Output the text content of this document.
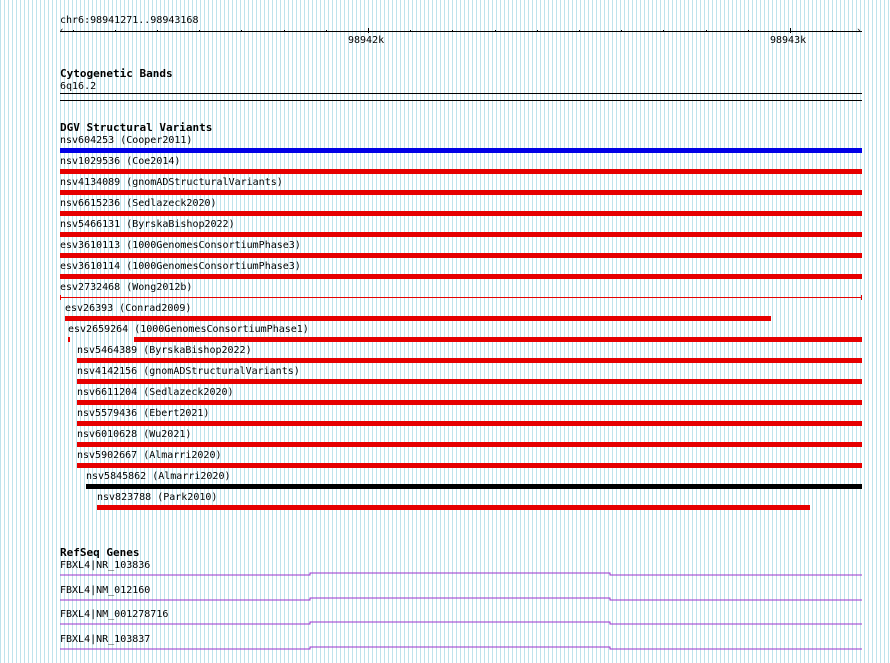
chr6:98941271..98943168
‹	›
98942k	98943k
Cytogenetic Bands
6q16.2
DGV Structural Variants
nsv604253 (Cooper2011)
nsv1029536 (Coe2014)
nsv4134089 (gnomADStructuralVariants)
nsv6615236 (Sedlazeck2020)
nsv5466131 (ByrskaBishop2022)
esv3610113 (1000GenomesConsortiumPhase3)
esv3610114 (1000GenomesConsortiumPhase3)
esv2732468 (Wong2012b)
esv26393 (Conrad2009)
esv2659264 (1000GenomesConsortiumPhase1)
nsv5464389 (ByrskaBishop2022)
nsv4142156 (gnomADStructuralVariants)
nsv6611204 (Sedlazeck2020)
nsv5579436 (Ebert2021)
nsv6010628 (Wu2021)
nsv5902667 (Almarri2020)
nsv5845862 (Almarri2020)
nsv823788 (Park2010)
RefSeq Genes
FBXL4|NR_103836
FBXL4|NM_012160
FBXL4|NM_001278716
FBXL4|NR_103837
